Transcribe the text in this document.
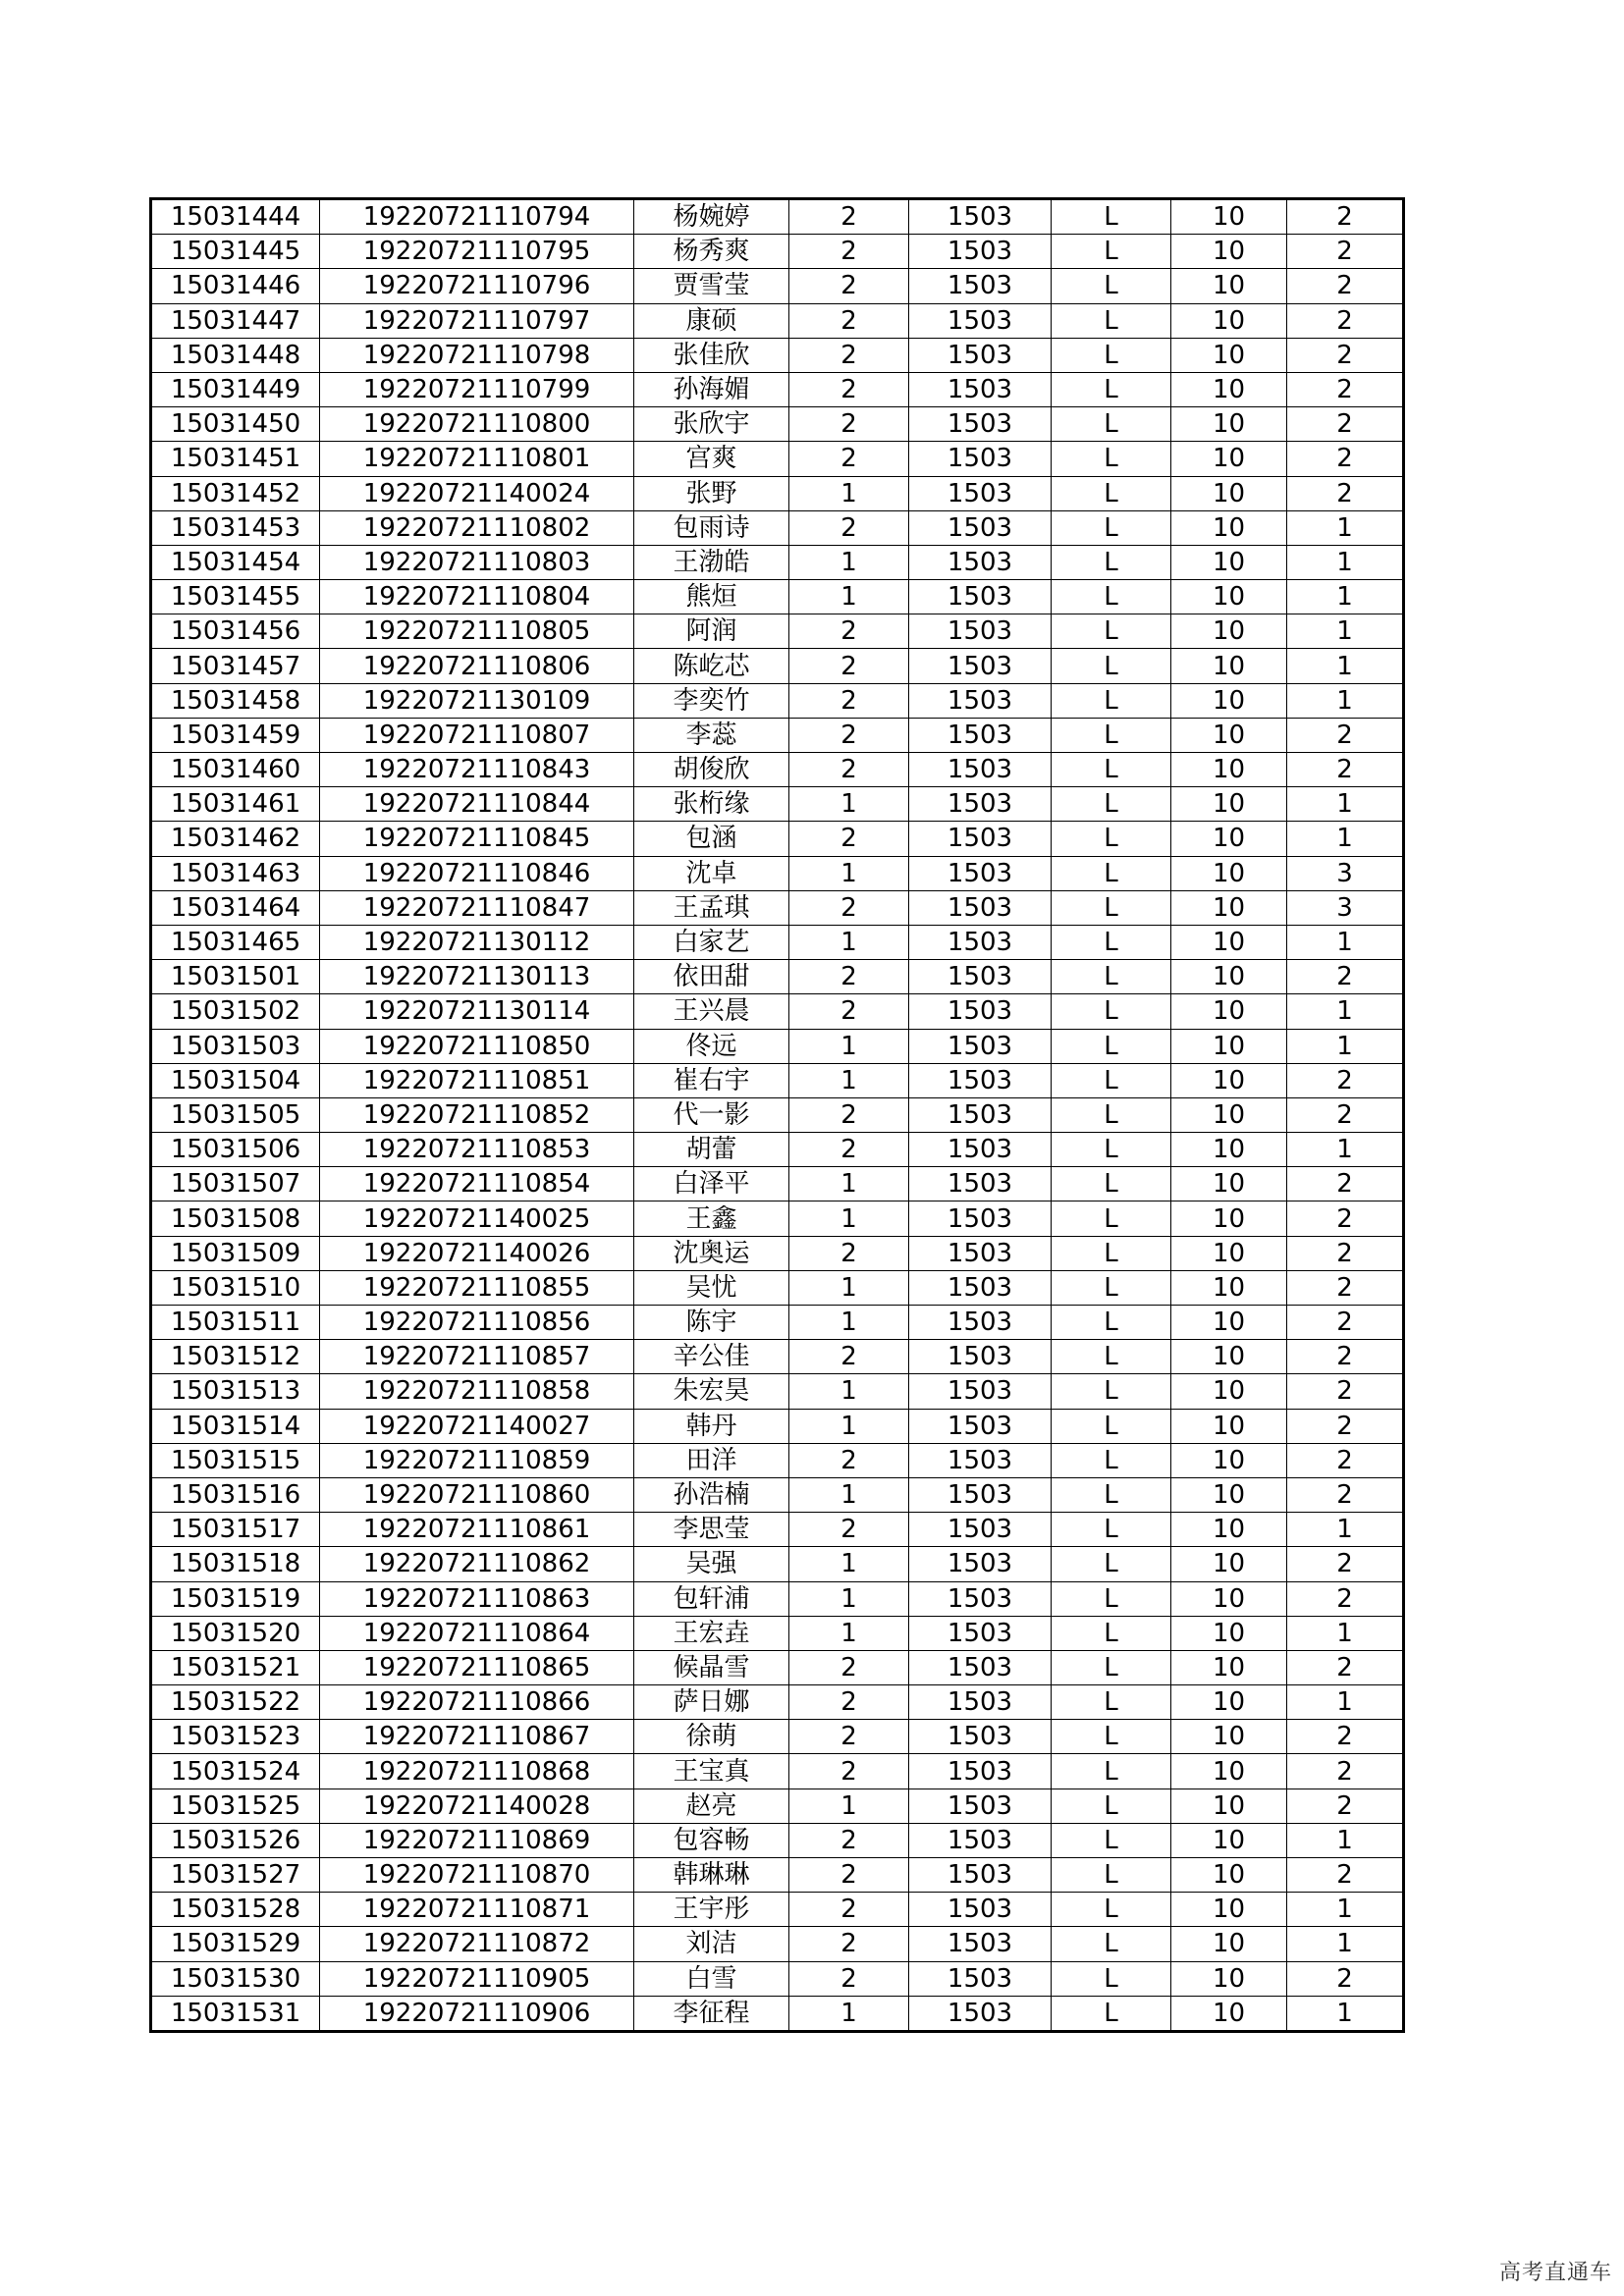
15031444	19220721110794	杨婉婷	2	1503	L	10	2
15031445	19220721110795	杨秀爽	2	1503	L	10	2
15031446	19220721110796	贾雪莹	2	1503	L	10	2
15031447	19220721110797	康硕	2	1503	L	10	2
15031448	19220721110798	张佳欣	2	1503	L	10	2
15031449	19220721110799	孙海媚	2	1503	L	10	2
15031450	19220721110800	张欣宇	2	1503	L	10	2
15031451	19220721110801	宫爽	2	1503	L	10	2
15031452	19220721140024	张野	1	1503	L	10	2
15031453	19220721110802	包雨诗	2	1503	L	10	1
15031454	19220721110803	王渤皓	1	1503	L	10	1
15031455	19220721110804	熊烜	1	1503	L	10	1
15031456	19220721110805	阿润	2	1503	L	10	1
15031457	19220721110806	陈屹芯	2	1503	L	10	1
15031458	19220721130109	李奕竹	2	1503	L	10	1
15031459	19220721110807	李蕊	2	1503	L	10	2
15031460	19220721110843	胡俊欣	2	1503	L	10	2
15031461	19220721110844	张桁缘	1	1503	L	10	1
15031462	19220721110845	包涵	2	1503	L	10	1
15031463	19220721110846	沈卓	1	1503	L	10	3
15031464	19220721110847	王孟琪	2	1503	L	10	3
15031465	19220721130112	白家艺	1	1503	L	10	1
15031501	19220721130113	依田甜	2	1503	L	10	2
15031502	19220721130114	王兴晨	2	1503	L	10	1
15031503	19220721110850	佟远	1	1503	L	10	1
15031504	19220721110851	崔右宇	1	1503	L	10	2
15031505	19220721110852	代一影	2	1503	L	10	2
15031506	19220721110853	胡蕾	2	1503	L	10	1
15031507	19220721110854	白泽平	1	1503	L	10	2
15031508	19220721140025	王鑫	1	1503	L	10	2
15031509	19220721140026	沈奥运	2	1503	L	10	2
15031510	19220721110855	吴忧	1	1503	L	10	2
15031511	19220721110856	陈宇	1	1503	L	10	2
15031512	19220721110857	辛公佳	2	1503	L	10	2
15031513	19220721110858	朱宏昊	1	1503	L	10	2
15031514	19220721140027	韩丹	1	1503	L	10	2
15031515	19220721110859	田洋	2	1503	L	10	2
15031516	19220721110860	孙浩楠	1	1503	L	10	2
15031517	19220721110861	李思莹	2	1503	L	10	1
15031518	19220721110862	吴强	1	1503	L	10	2
15031519	19220721110863	包轩浦	1	1503	L	10	2
15031520	19220721110864	王宏垚	1	1503	L	10	1
15031521	19220721110865	候晶雪	2	1503	L	10	2
15031522	19220721110866	萨日娜	2	1503	L	10	1
15031523	19220721110867	徐萌	2	1503	L	10	2
15031524	19220721110868	王宝真	2	1503	L	10	2
15031525	19220721140028	赵亮	1	1503	L	10	2
15031526	19220721110869	包容畅	2	1503	L	10	1
15031527	19220721110870	韩琳琳	2	1503	L	10	2
15031528	19220721110871	王宇彤	2	1503	L	10	1
15031529	19220721110872	刘洁	2	1503	L	10	1
15031530	19220721110905	白雪	2	1503	L	10	2
15031531	19220721110906	李征程	1	1503	L	10	1
高考直通车
